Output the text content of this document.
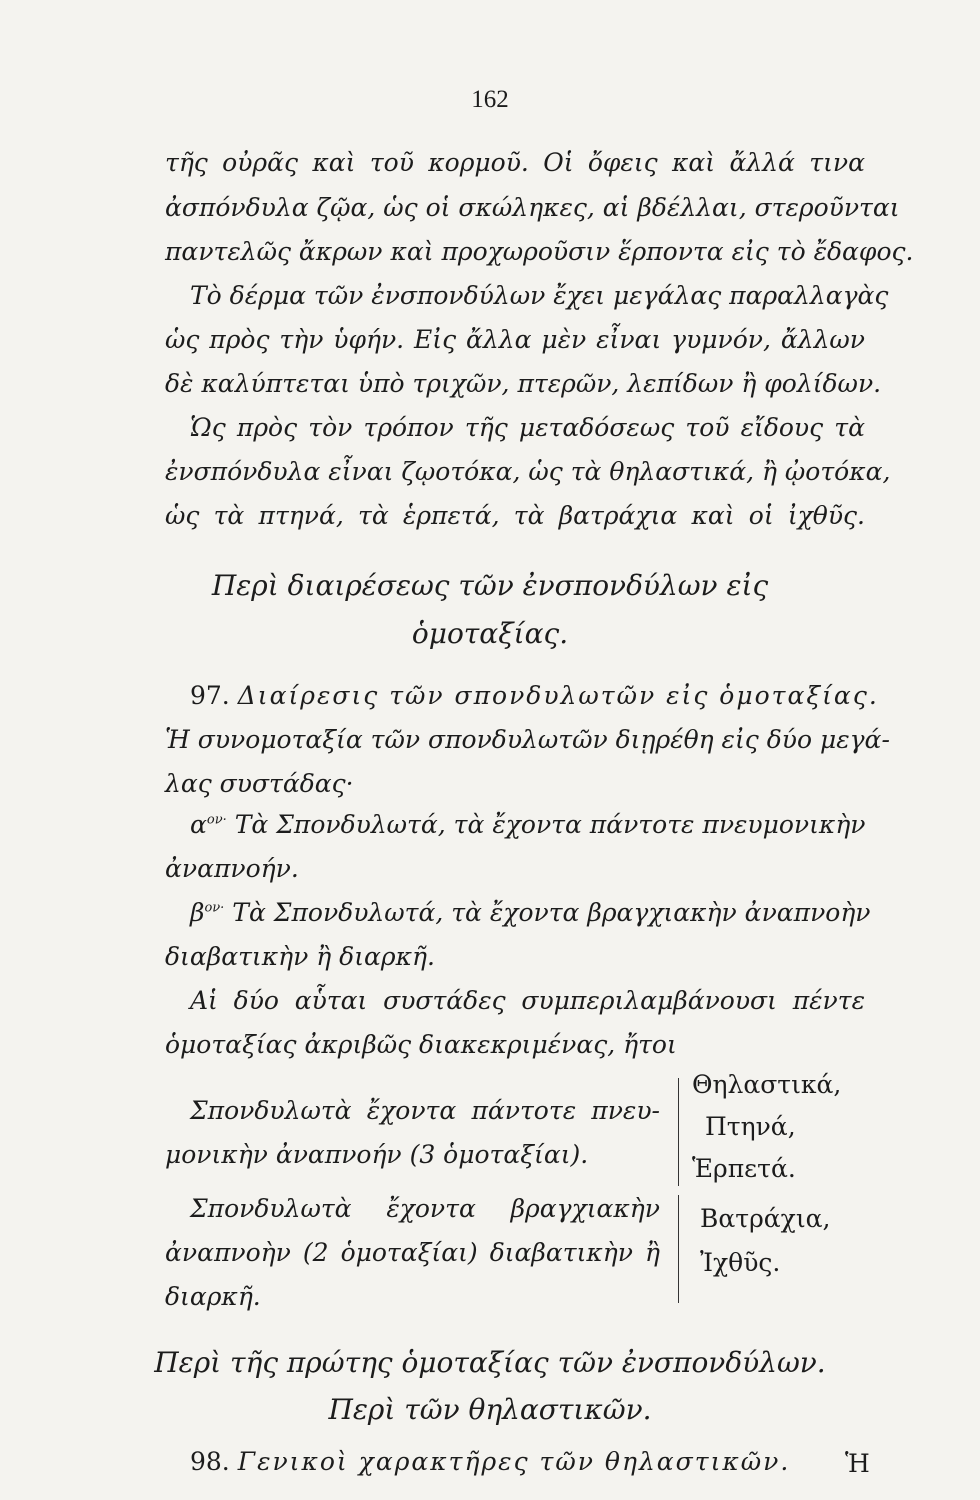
162
τῆς οὐρᾶς καὶ τοῦ κορμοῦ. Οἱ ὄφεις καὶ ἄλλά τινα
ἀσπόνδυλα ζῷα, ὡς οἱ σκώληκες, αἱ βδέλλαι, στεροῦνται
παντελῶς ἄκρων καὶ προχωροῦσιν ἕρποντα εἰς τὸ ἔδαφος.
Τὸ δέρμα τῶν ἐνσπονδύλων ἔχει μεγάλας παραλλαγὰς
ὡς πρὸς τὴν ὑφήν. Εἰς ἄλλα μὲν εἶναι γυμνόν, ἄλλων
δὲ καλύπτεται ὑπὸ τριχῶν, πτερῶν, λεπίδων ἢ φολίδων.
Ὡς πρὸς τὸν τρόπον τῆς μεταδόσεως τοῦ εἴδους τὰ
ἐνσπόνδυλα εἶναι ζῳοτόκα, ὡς τὰ θηλαστικά, ἢ ᾠοτόκα,
ὡς τὰ πτηνά, τὰ ἑρπετά, τὰ βατράχια καὶ οἱ ἰχθῦς.
Περὶ διαιρέσεως τῶν ἐνσπονδύλων εἰς
ὁμοταξίας.
97. Διαίρεσις τῶν σπονδυλωτῶν εἰς ὁμοταξίας.
Ἡ συνομοταξία τῶν σπονδυλωτῶν διῃρέθη εἰς δύο μεγά-
λας συστάδας·
$\alpha^{o\nu\cdot}$ Τὰ Σπονδυλωτά, τὰ ἔχοντα πάντοτε πνευμονικὴν
ἀναπνοήν.
$\beta^{o\nu\cdot}$ Τὰ Σπονδυλωτά, τὰ ἔχοντα βραγχιακὴν ἀναπνοὴν
διαβατικὴν ἢ διαρκῆ.
Αἱ δύο αὗται συστάδες συμπεριλαμβάνουσι πέντε
ὁμοταξίας ἀκριβῶς διακεκριμένας, ἤτοι
Σπονδυλωτὰ ἔχοντα πάντοτε πνευ-
μονικὴν ἀναπνοήν (3 ὁμοταξίαι).
Θηλαστικά,
Πτηνά,
Ἑρπετά.
Σπονδυλωτὰ ἔχοντα βραγχιακὴν
ἀναπνοὴν (2 ὁμοταξίαι) διαβατικὴν ἢ
διαρκῆ.
Βατράχια,
Ἰχθῦς.
Περὶ τῆς πρώτης ὁμοταξίας τῶν ἐνσπονδύλων.
Περὶ τῶν θηλαστικῶν.
98. Γενικοὶ χαρακτῆρες τῶν θηλαστικῶν.	Ἡ
